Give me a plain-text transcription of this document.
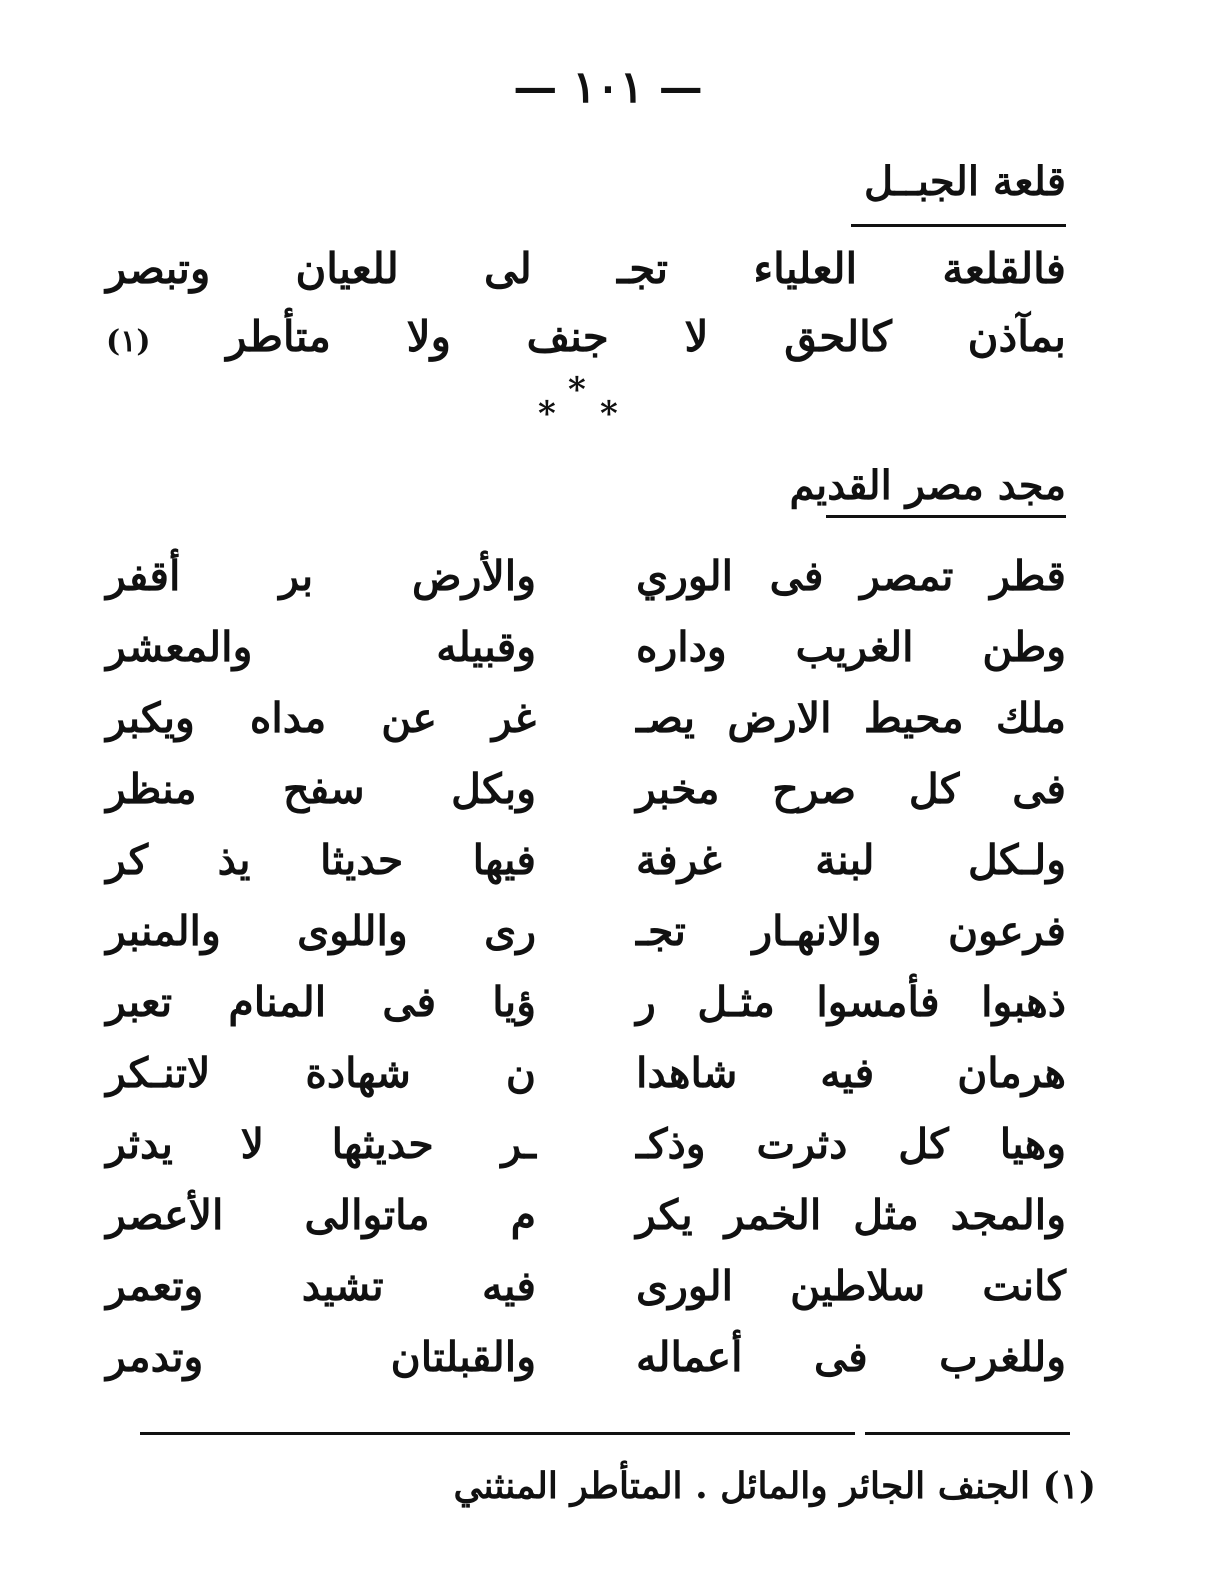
— ١٠١ —
قلعة الجبــل
فالقلعة العلياء تجـ لى للعيان وتبصر
بمآذن كالحق لا جنف ولا متأطر (١)
*
* *
مجد مصر القديم
قطر تمصر فى الوري
والأرض بر أقفر
وطن الغريب وداره
وقبيله والمعشر
ملك محيط الارض يصـ
غر عن مداه ويكبر
فى كل صرح مخبر
وبكل سفح منظر
ولـكل لبنة غرفة
فيها حديثا يذ كر
فرعون والانهـار تجـ
رى واللوى والمنبر
ذهبوا فأمسوا مثـل ر
ؤيا فى المنام تعبر
هرمان فيه شاهدا
ن شهادة لاتنـكر
وهيا كل دثرت وذكـ
ـر حديثها لا يدثر
والمجد مثل الخمر يكر
م ماتوالى الأعصر
كانت سلاطين الورى
فيه تشيد وتعمر
وللغرب فى أعماله
والقبلتان وتدمر
(١) الجنف الجائر والمائل . المتأطر المنثني
